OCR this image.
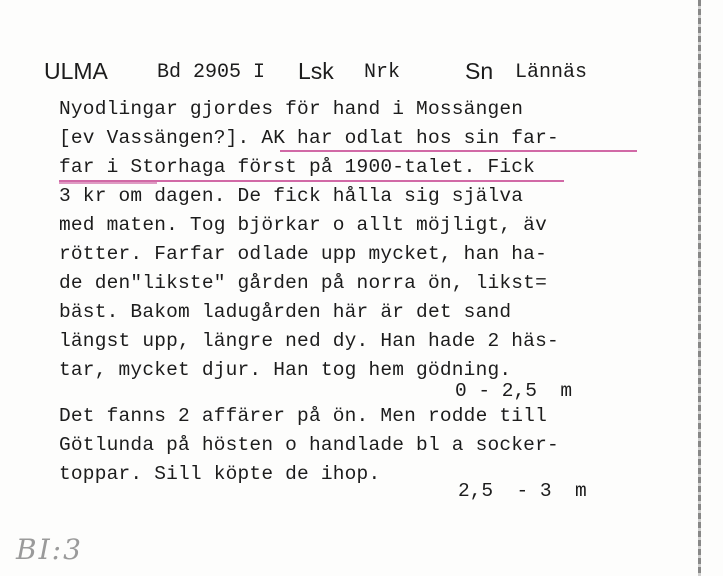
ULMA Bd 2905 I Lsk Nrk	Sn Lännäs
Nyodlingar gjordes för hand i Mossängen
[ev Vassängen?]. AK har odlat hos sin far-
far i Storhaga först på 1900-talet. Fick
3 kr om dagen. De fick hålla sig själva
med maten. Tog björkar o allt möjligt, äv
rötter. Farfar odlade upp mycket, han ha-
de den"likste" gården på norra ön, likst=
bäst. Bakom ladugården här är det sand
längst upp, längre ned dy. Han hade 2 häs-
tar, mycket djur. Han tog hem gödning.
0 - 2,5  m
Det fanns 2 affärer på ön. Men rodde till
Götlunda på hösten o handlade bl a socker-
toppar. Sill köpte de ihop.
2,5  - 3  m
BI:3
